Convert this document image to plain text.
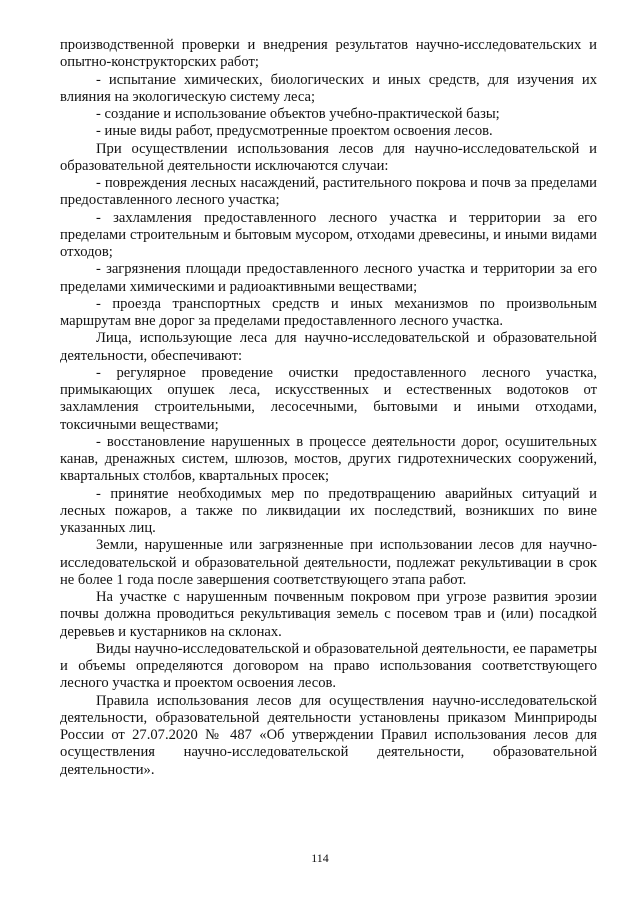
производственной проверки и внедрения результатов научно-исследовательских и опытно-конструкторских работ;

- испытание химических, биологических и иных средств, для изучения их влияния на экологическую систему леса;

- создание и использование объектов учебно-практической базы;

- иные виды работ, предусмотренные проектом освоения лесов.

При осуществлении использования лесов для научно-исследовательской и образовательной деятельности исключаются случаи:

- повреждения лесных насаждений, растительного покрова и почв за пределами предоставленного лесного участка;

- захламления предоставленного лесного участка и территории за его пределами строительным и бытовым мусором, отходами древесины, и иными видами отходов;

- загрязнения площади предоставленного лесного участка и территории за его пределами химическими и радиоактивными веществами;

- проезда транспортных средств и иных механизмов по произвольным маршрутам вне дорог за пределами предоставленного лесного участка.

Лица, использующие леса для научно-исследовательской и образовательной деятельности, обеспечивают:

- регулярное проведение очистки предоставленного лесного участка, примыкающих опушек леса, искусственных и естественных водотоков от захламления строительными, лесосечными, бытовыми и иными отходами, токсичными веществами;

- восстановление нарушенных в процессе деятельности дорог, осушительных канав, дренажных систем, шлюзов, мостов, других гидротехнических сооружений, квартальных столбов, квартальных просек;

- принятие необходимых мер по предотвращению аварийных ситуаций и лесных пожаров, а также по ликвидации их последствий, возникших по вине указанных лиц.

Земли, нарушенные или загрязненные при использовании лесов для научно-исследовательской и образовательной деятельности, подлежат рекультивации в срок не более 1 года после завершения соответствующего этапа работ.

На участке с нарушенным почвенным покровом при угрозе развития эрозии почвы должна проводиться рекультивация земель с посевом трав и (или) посадкой деревьев и кустарников на склонах.

Виды научно-исследовательской и образовательной деятельности, ее параметры и объемы определяются договором на право использования соответствующего лесного участка и проектом освоения лесов.

Правила использования лесов для осуществления научно-исследовательской деятельности, образовательной деятельности установлены приказом Минприроды России от 27.07.2020 № 487 «Об утверждении Правил использования лесов для осуществления научно-исследовательской деятельности, образовательной деятельности».

114
